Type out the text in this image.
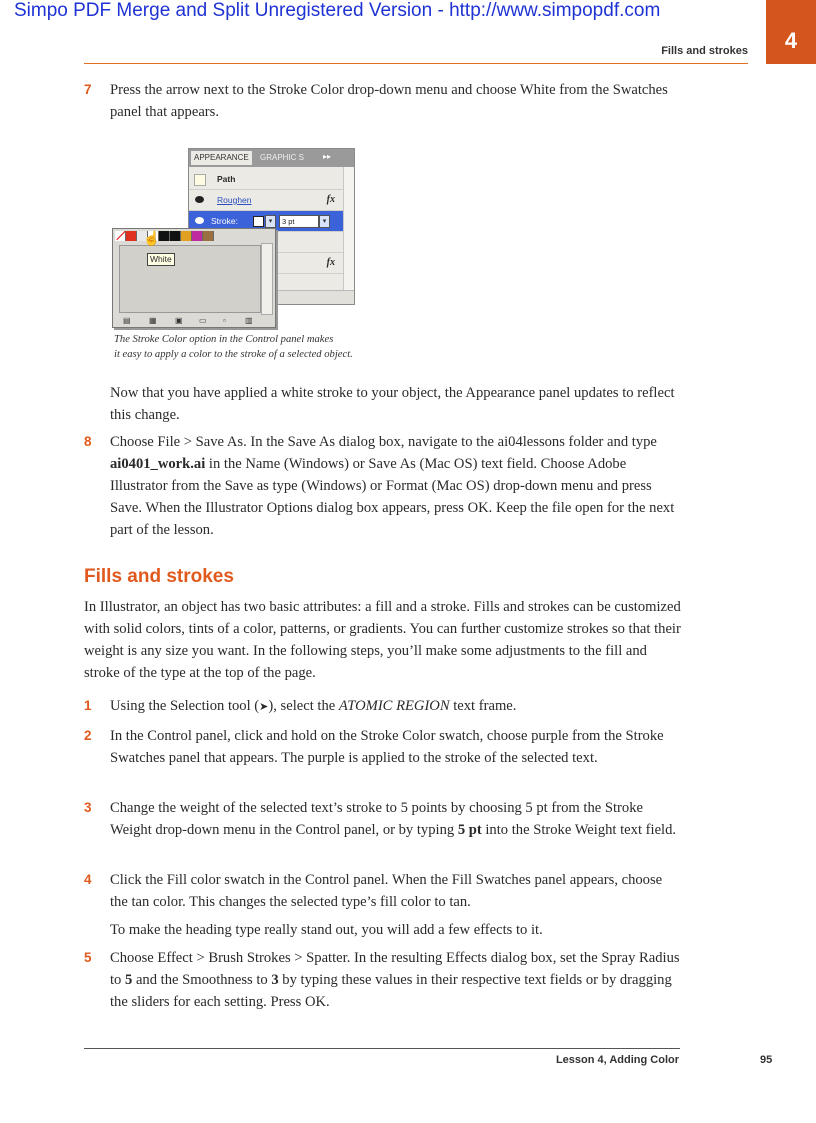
Simpo PDF Merge and Split Unregistered Version - http://www.simpopdf.com
Fills and strokes 4
7	Press the arrow next to the Stroke Color drop-down menu and choose White from the Swatches panel that appears.
APPEARANCE	GRAPHIC S	▸▸
Path
Roughen	fx
Stroke:	▾	3 pt	▾
fx
☝
White
▤ ▦ ▣ ▭ ▫ ▥
The Stroke Color option in the Control panel makes
it easy to apply a color to the stroke of a selected object.
Now that you have applied a white stroke to your object, the Appearance panel updates to reflect this change.
8	Choose File > Save As. In the Save As dialog box, navigate to the ai04lessons folder and type ai0401_work.ai in the Name (Windows) or Save As (Mac OS) text field. Choose Adobe Illustrator from the Save as type (Windows) or Format (Mac OS) drop-down menu and press Save. When the Illustrator Options dialog box appears, press OK. Keep the file open for the next part of the lesson.
Fills and strokes
In Illustrator, an object has two basic attributes: a fill and a stroke. Fills and strokes can be customized with solid colors, tints of a color, patterns, or gradients. You can further customize strokes so that their weight is any size you want. In the following steps, you’ll make some adjustments to the fill and stroke of the type at the top of the page.
1	Using the Selection tool (➤), select the ATOMIC REGION text frame.
2	In the Control panel, click and hold on the Stroke Color swatch, choose purple from the Stroke Swatches panel that appears. The purple is applied to the stroke of the selected text.
3	Change the weight of the selected text’s stroke to 5 points by choosing 5 pt from the Stroke Weight drop-down menu in the Control panel, or by typing 5 pt into the Stroke Weight text field.
4	Click the Fill color swatch in the Control panel. When the Fill Swatches panel appears, choose the tan color. This changes the selected type’s fill color to tan.
To make the heading type really stand out, you will add a few effects to it.
5	Choose Effect > Brush Strokes > Spatter. In the resulting Effects dialog box, set the Spray Radius to 5 and the Smoothness to 3 by typing these values in their respective text fields or by dragging the sliders for each setting. Press OK.
Lesson 4, Adding Color	95
